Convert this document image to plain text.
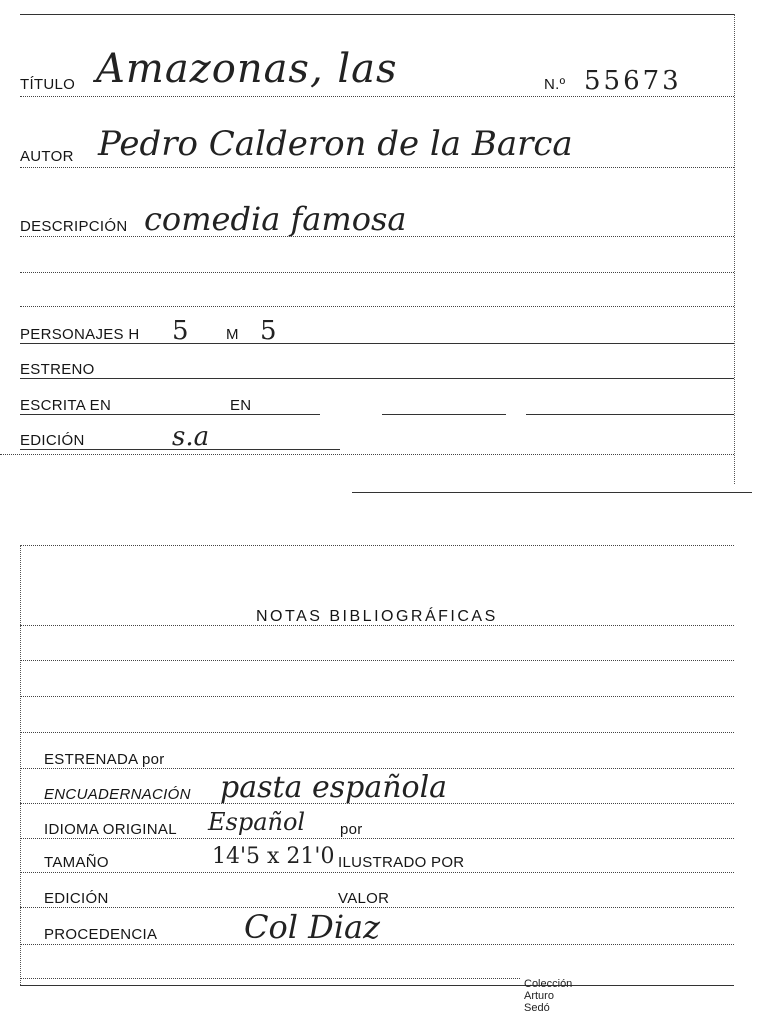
TÍTULO Amazonas, las	N.º 55673
AUTOR Pedro Calderon de la Barca
DESCRIPCIÓN comedia famosa
PERSONAJES H 5 M 5
ESTRENO
ESCRITA EN	EN
EDICIÓN	s.a
NOTAS BIBLIOGRÁFICAS
ESTRENADA por
ENCUADERNACIÓN pasta española
IDIOMA ORIGINAL Español por
TAMAÑO	14'5 x 21'0 ILUSTRADO POR
EDICIÓN	VALOR
PROCEDENCIA	Col Diaz
Colección Arturo Sedó
